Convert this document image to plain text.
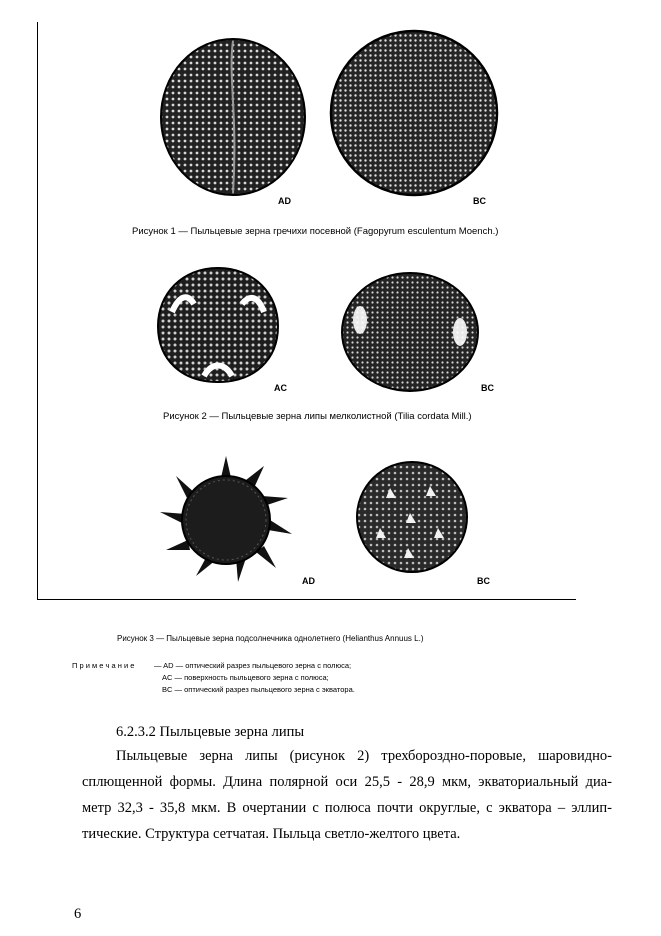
AD	BC
Рисунок 1 — Пыльцевые зерна гречихи посевной (Fagopyrum esculentum Moench.)
AC	BC
Рисунок 2 — Пыльцевые зерна липы мелколистной (Tilia cordata Mill.)
AD	BC
Рисунок 3 — Пыльцевые зерна подсолнечника однолетнего (Helianthus Annuus L.)
П р и м е ч а н и е	— AD — оптический разрез пыльцевого зерна с полюса;
AC — поверхность пыльцевого зерна с полюса;
BC — оптический разрез пыльцевого зерна с экватора.
6.2.3.2 Пыльцевые зерна липы
Пыльцевые зерна липы (рисунок 2) трехбороздно-поровые, шаровидно-
сплющенной формы. Длина полярной оси 25,5 - 28,9 мкм, экваториальный диа-
метр 32,3 - 35,8 мкм. В очертании с полюса почти округлые, с экватора – эллип-
тические. Структура сетчатая. Пыльца светло-желтого цвета.
6
